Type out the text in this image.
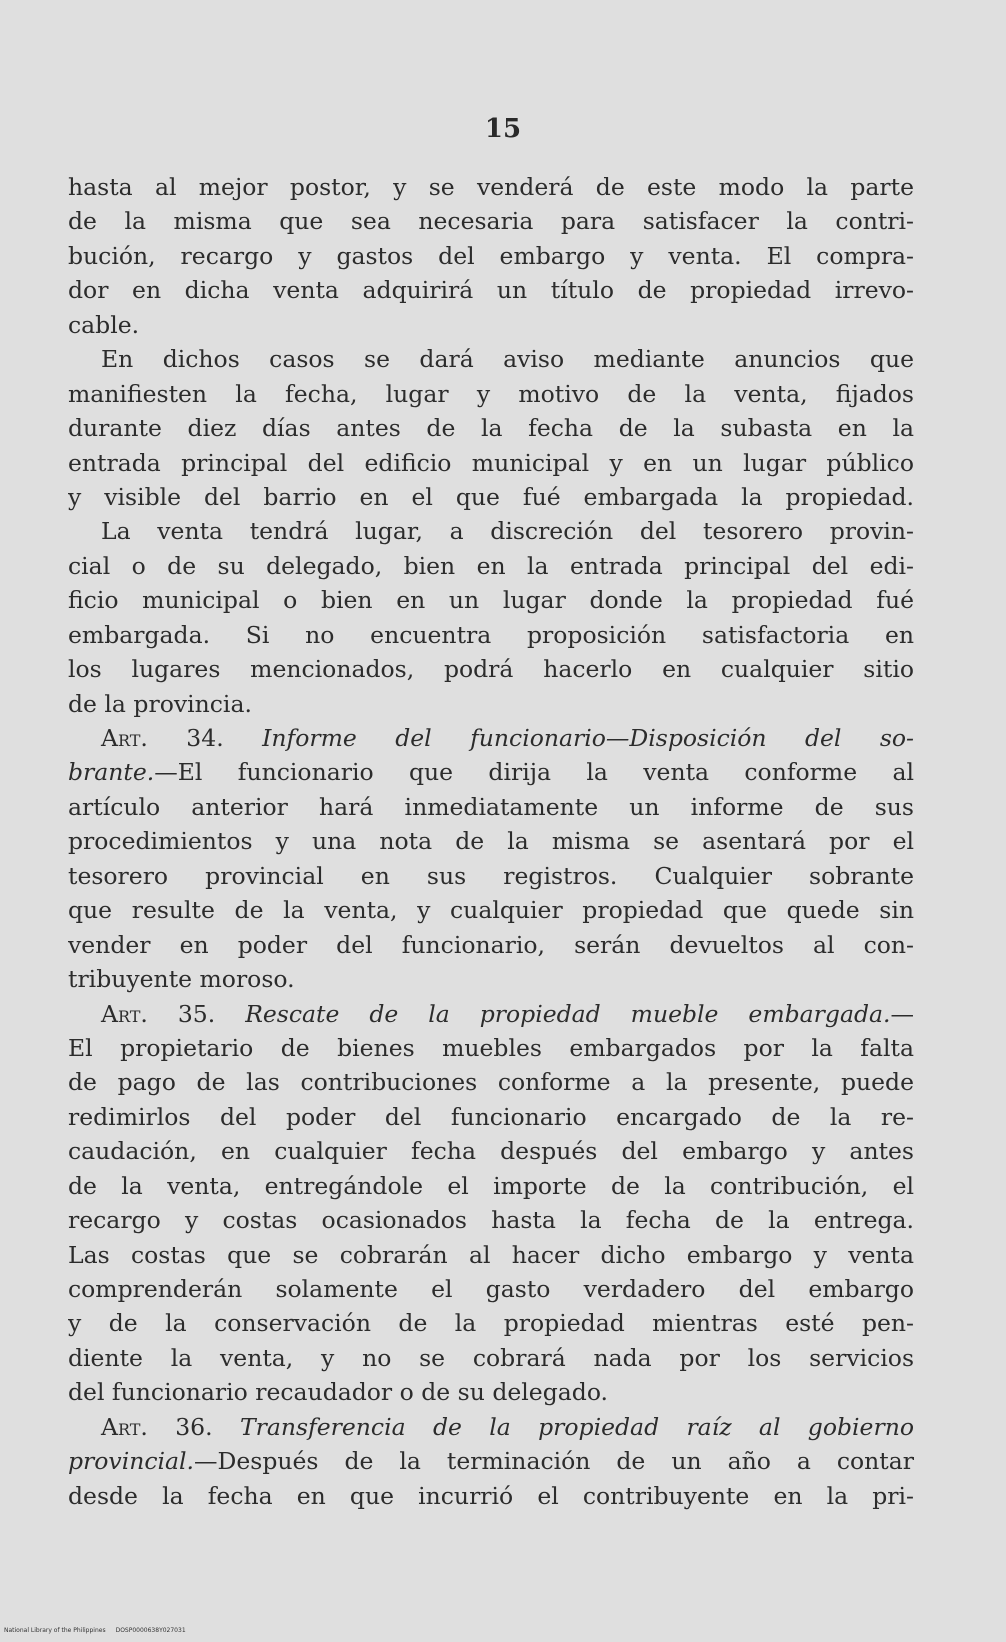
15
hasta al mejor postor, y se venderá de este modo la parte
de la misma que sea necesaria para satisfacer la contri-
bución, recargo y gastos del embargo y venta. El compra-
dor en dicha venta adquirirá un título de propiedad irrevo-
cable.
En dichos casos se dará aviso mediante anuncios que
manifiesten la fecha, lugar y motivo de la venta, fijados
durante diez días antes de la fecha de la subasta en la
entrada principal del edificio municipal y en un lugar público
y visible del barrio en el que fué embargada la propiedad.
La venta tendrá lugar, a discreción del tesorero provin-
cial o de su delegado, bien en la entrada principal del edi-
ficio municipal o bien en un lugar donde la propiedad fué
embargada. Si no encuentra proposición satisfactoria en
los lugares mencionados, podrá hacerlo en cualquier sitio
de la provincia.
Art. 34. Informe del funcionario—Disposición del so-
brante.—El funcionario que dirija la venta conforme al
artículo anterior hará inmediatamente un informe de sus
procedimientos y una nota de la misma se asentará por el
tesorero provincial en sus registros. Cualquier sobrante
que resulte de la venta, y cualquier propiedad que quede sin
vender en poder del funcionario, serán devueltos al con-
tribuyente moroso.
Art. 35. Rescate de la propiedad mueble embargada.—
El propietario de bienes muebles embargados por la falta
de pago de las contribuciones conforme a la presente, puede
redimirlos del poder del funcionario encargado de la re-
caudación, en cualquier fecha después del embargo y antes
de la venta, entregándole el importe de la contribución, el
recargo y costas ocasionados hasta la fecha de la entrega.
Las costas que se cobrarán al hacer dicho embargo y venta
comprenderán solamente el gasto verdadero del embargo
y de la conservación de la propiedad mientras esté pen-
diente la venta, y no se cobrará nada por los servicios
del funcionario recaudador o de su delegado.
Art. 36. Transferencia de la propiedad raíz al gobierno
provincial.—Después de la terminación de un año a contar
desde la fecha en que incurrió el contribuyente en la pri-
National Library of the Philippines DOSP0000638Y027031
